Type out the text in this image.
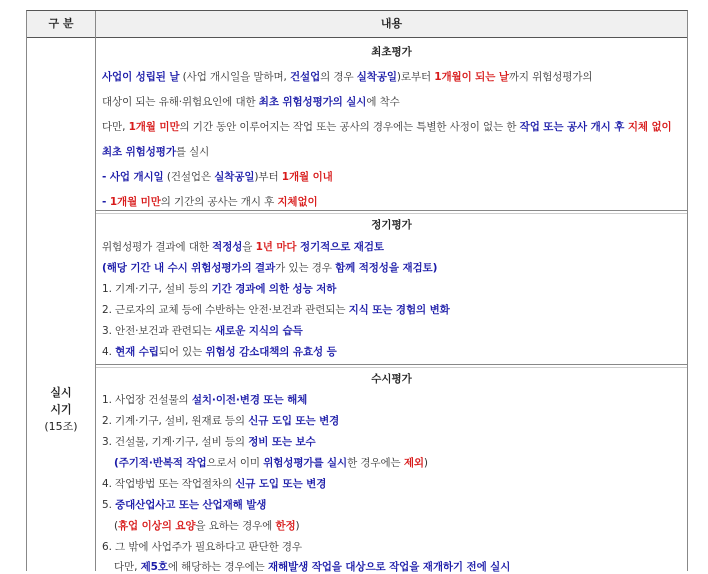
구 분	내용
실시
시기
(15조)
최초평가
사업이 성립된 날 (사업 개시일을 말하며, 건설업의 경우 실착공일)로부터 1개월이 되는 날까지 위험성평가의
대상이 되는 유해·위험요인에 대한 최초 위험성평가의 실시에 착수
다만, 1개월 미만의 기간 동안 이루어지는 작업 또는 공사의 경우에는 특별한 사정이 없는 한 작업 또는 공사 개시 후 지체 없이
최초 위험성평가를 실시
- 사업 개시일 (건설업은 실착공일)부터 1개월 이내
- 1개월 미만의 기간의 공사는 개시 후 지체없이
정기평가
위험성평가 결과에 대한 적정성을 1년 마다 정기적으로 재검토
(해당 기간 내 수시 위험성평가의 결과가 있는 경우 함께 적정성을 재검토)
1. 기계·기구, 설비 등의 기간 경과에 의한 성능 저하
2. 근로자의 교체 등에 수반하는 안전·보건과 관련되는 지식 또는 경험의 변화
3. 안전·보건과 관련되는 새로운 지식의 습득
4. 현재 수립되어 있는 위험성 감소대책의 유효성 등
수시평가
1. 사업장 건설물의 설치·이전·변경 또는 해체
2. 기계·기구, 설비, 원재료 등의 신규 도입 또는 변경
3. 건설물, 기계·기구, 설비 등의 정비 또는 보수
(주기적·반복적 작업으로서 이미 위험성평가를 실시한 경우에는 제외)
4. 작업방법 또는 작업절차의 신규 도입 또는 변경
5. 중대산업사고 또는 산업재해 발생
(휴업 이상의 요양을 요하는 경우에 한정)
6. 그 밖에 사업주가 필요하다고 판단한 경우
다만, 제5호에 해당하는 경우에는 재해발생 작업을 대상으로 작업을 재개하기 전에 실시
